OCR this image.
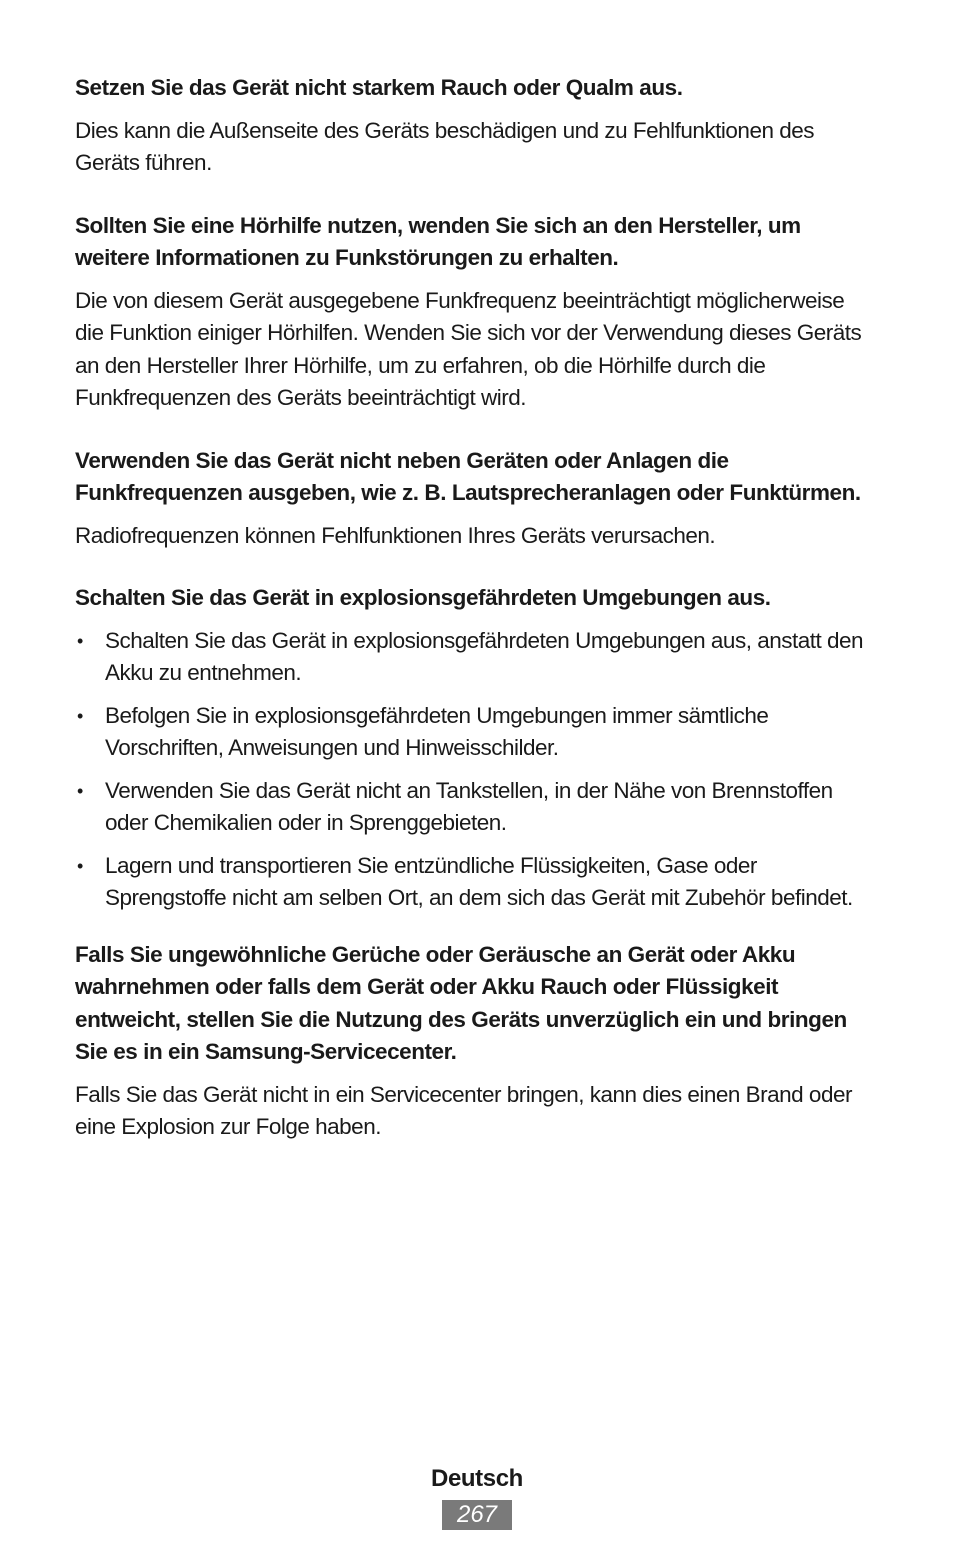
Setzen Sie das Gerät nicht starkem Rauch oder Qualm aus.

Dies kann die Außenseite des Geräts beschädigen und zu Fehlfunktionen des Geräts führen.

Sollten Sie eine Hörhilfe nutzen, wenden Sie sich an den Hersteller, um weitere Informationen zu Funkstörungen zu erhalten.

Die von diesem Gerät ausgegebene Funkfrequenz beeinträchtigt möglicherweise die Funktion einiger Hörhilfen. Wenden Sie sich vor der Verwendung dieses Geräts an den Hersteller Ihrer Hörhilfe, um zu erfahren, ob die Hörhilfe durch die Funkfrequenzen des Geräts beeinträchtigt wird.

Verwenden Sie das Gerät nicht neben Geräten oder Anlagen die Funkfrequenzen ausgeben, wie z. B. Lautsprecheranlagen oder Funktürmen.

Radiofrequenzen können Fehlfunktionen Ihres Geräts verursachen.

Schalten Sie das Gerät in explosionsgefährdeten Umgebungen aus.

• Schalten Sie das Gerät in explosionsgefährdeten Umgebungen aus, anstatt den Akku zu entnehmen.
• Befolgen Sie in explosionsgefährdeten Umgebungen immer sämtliche Vorschriften, Anweisungen und Hinweisschilder.
• Verwenden Sie das Gerät nicht an Tankstellen, in der Nähe von Brennstoffen oder Chemikalien oder in Sprenggebieten.
• Lagern und transportieren Sie entzündliche Flüssigkeiten, Gase oder Sprengstoffe nicht am selben Ort, an dem sich das Gerät mit Zubehör befindet.

Falls Sie ungewöhnliche Gerüche oder Geräusche an Gerät oder Akku wahrnehmen oder falls dem Gerät oder Akku Rauch oder Flüssigkeit entweicht, stellen Sie die Nutzung des Geräts unverzüglich ein und bringen Sie es in ein Samsung-Servicecenter.

Falls Sie das Gerät nicht in ein Servicecenter bringen, kann dies einen Brand oder eine Explosion zur Folge haben.

Deutsch
267
